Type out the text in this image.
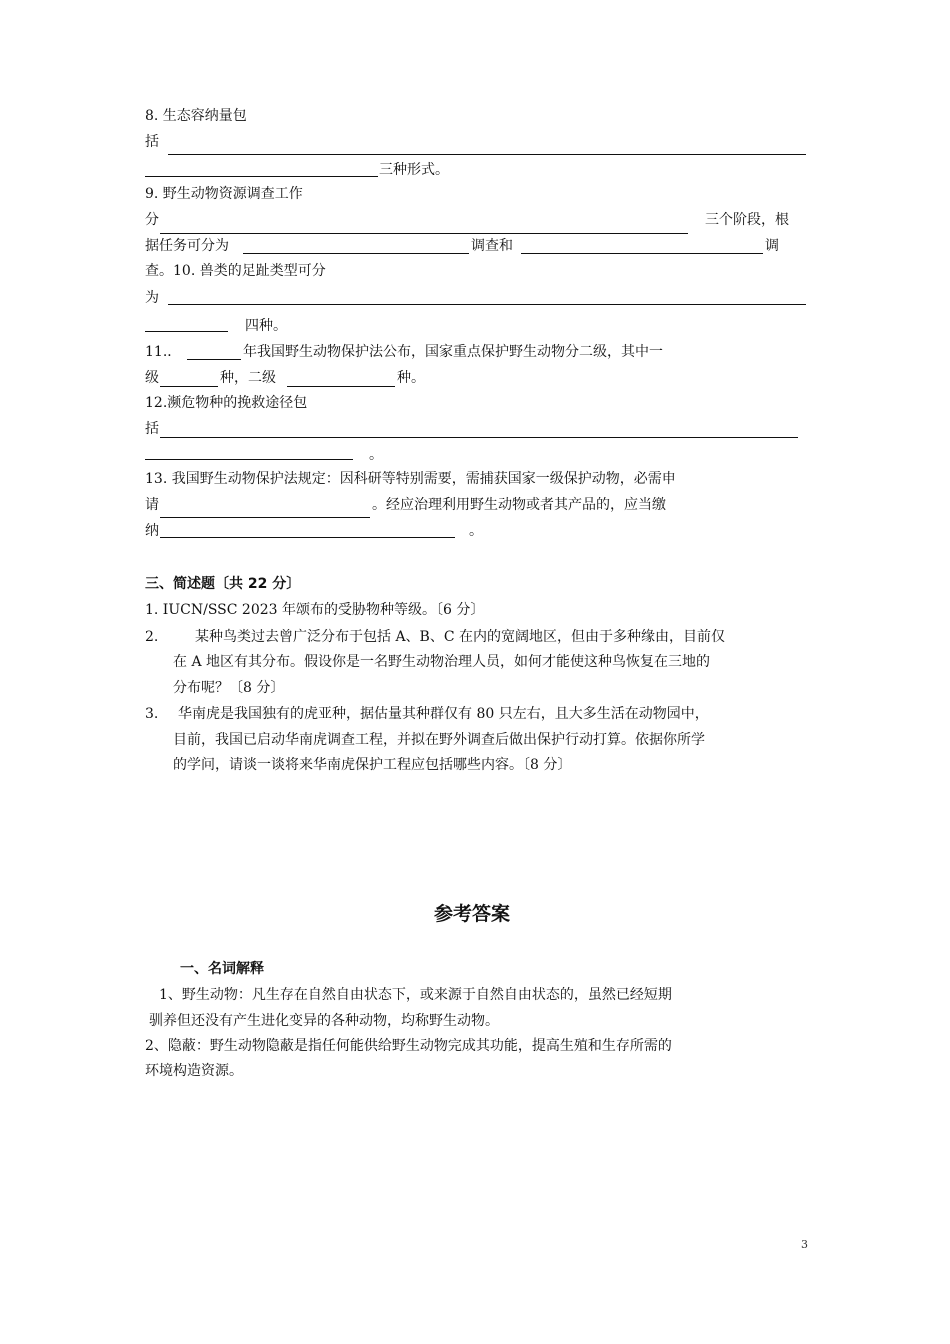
8. 生态容纳量包
括
三种形式。
9. 野生动物资源调查工作
分	三个阶段，根
据任务可分为	调查和	调
查。10. 兽类的足趾类型可分
为
四种。
11.．	年我国野生动物保护法公布，国家重点保护野生动物分二级，其中一
级	种，二级	种。
12.濒危物种的挽救途径包
括
。
13. 我国野生动物保护法规定：因科研等特别需要，需捕获国家一级保护动物，必需申
请	。经应治理利用野生动物或者其产品的，应当缴
纳	。
三、简述题〔共 22 分〕
1. IUCN/SSC 2023 年颂布的受胁物种等级。〔6 分〕
2.	某种鸟类过去曾广泛分布于包括 A、B、C 在内的宽阔地区，但由于多种缘由，目前仅
在 A 地区有其分布。假设你是一名野生动物治理人员，如何才能使这种鸟恢复在三地的
分布呢？〔8 分〕
3. 华南虎是我国独有的虎亚种，据估量其种群仅有 80 只左右，且大多生活在动物园中，
目前，我国已启动华南虎调查工程，并拟在野外调查后做出保护行动打算。依据你所学
的学问，请谈一谈将来华南虎保护工程应包括哪些内容。〔8 分〕
参考答案
一、名词解释
1、野生动物：凡生存在自然自由状态下，或来源于自然自由状态的，虽然已经短期
驯养但还没有产生进化变异的各种动物，均称野生动物。
2、隐蔽：野生动物隐蔽是指任何能供给野生动物完成其功能，提高生殖和生存所需的
环境构造资源。
3
